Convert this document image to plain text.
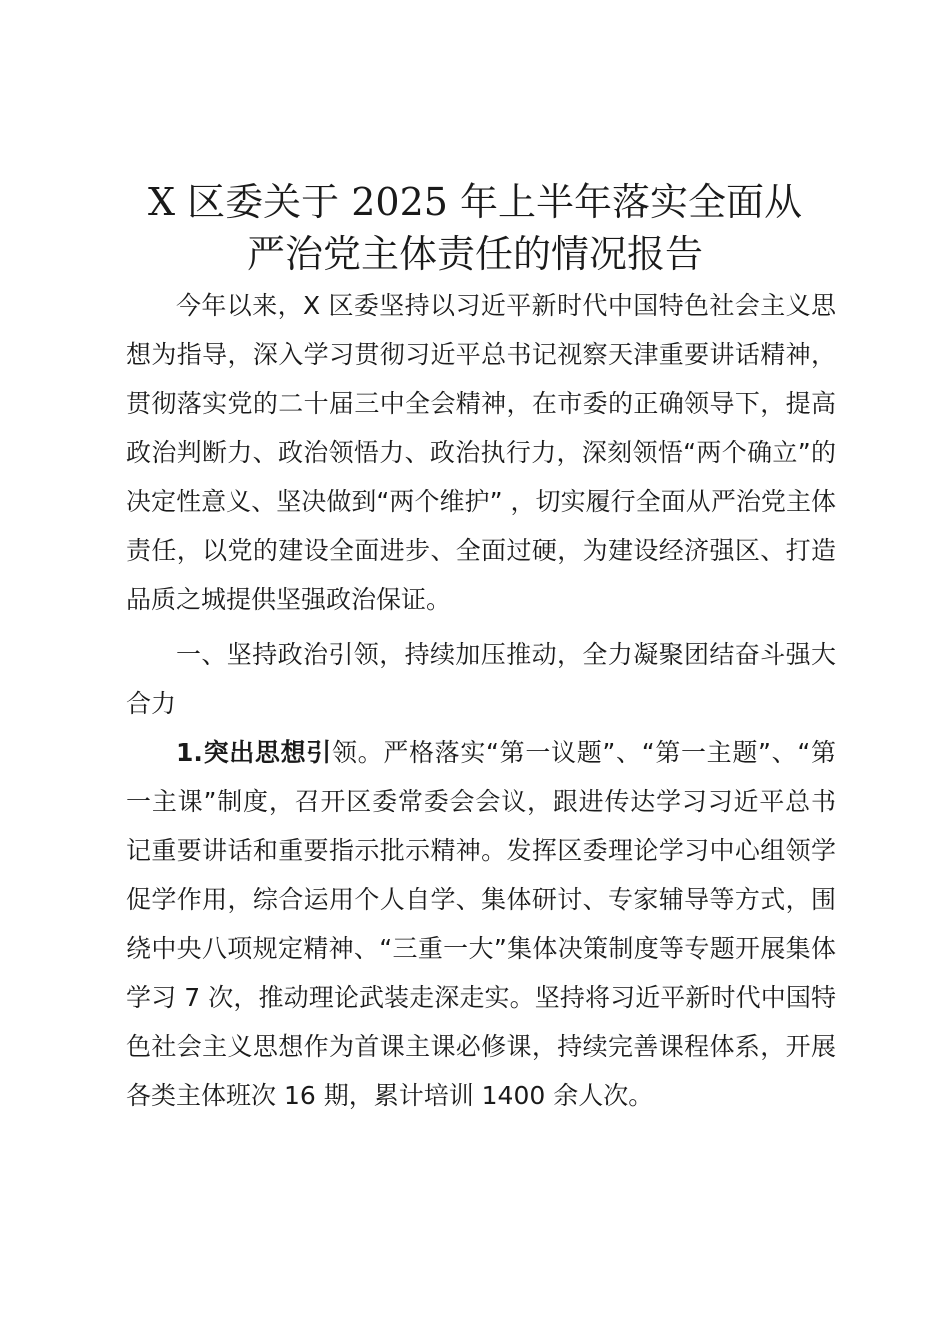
X 区委关于 2025 年上半年落实全面从
严治党主体责任的情况报告

今年以来，X 区委坚持以习近平新时代中国特色社会主义思想为指导，深入学习贯彻习近平总书记视察天津重要讲话精神，贯彻落实党的二十届三中全会精神，在市委的正确领导下，提高政治判断力、政治领悟力、政治执行力，深刻领悟“两个确立”的决定性意义、坚决做到“两个维护” ，切实履行全面从严治党主体责任，以党的建设全面进步、全面过硬，为建设经济强区、打造品质之城提供坚强政治保证。

一、坚持政治引领，持续加压推动，全力凝聚团结奋斗强大合力

1.突出思想引领。严格落实“第一议题”、“第一主题”、“第一主课”制度，召开区委常委会会议，跟进传达学习习近平总书记重要讲话和重要指示批示精神。发挥区委理论学习中心组领学促学作用，综合运用个人自学、集体研讨、专家辅导等方式，围绕中央八项规定精神、“三重一大”集体决策制度等专题开展集体学习 7 次，推动理论武装走深走实。坚持将习近平新时代中国特色社会主义思想作为首课主课必修课，持续完善课程体系，开展各类主体班次 16 期，累计培训 1400 余人次。
